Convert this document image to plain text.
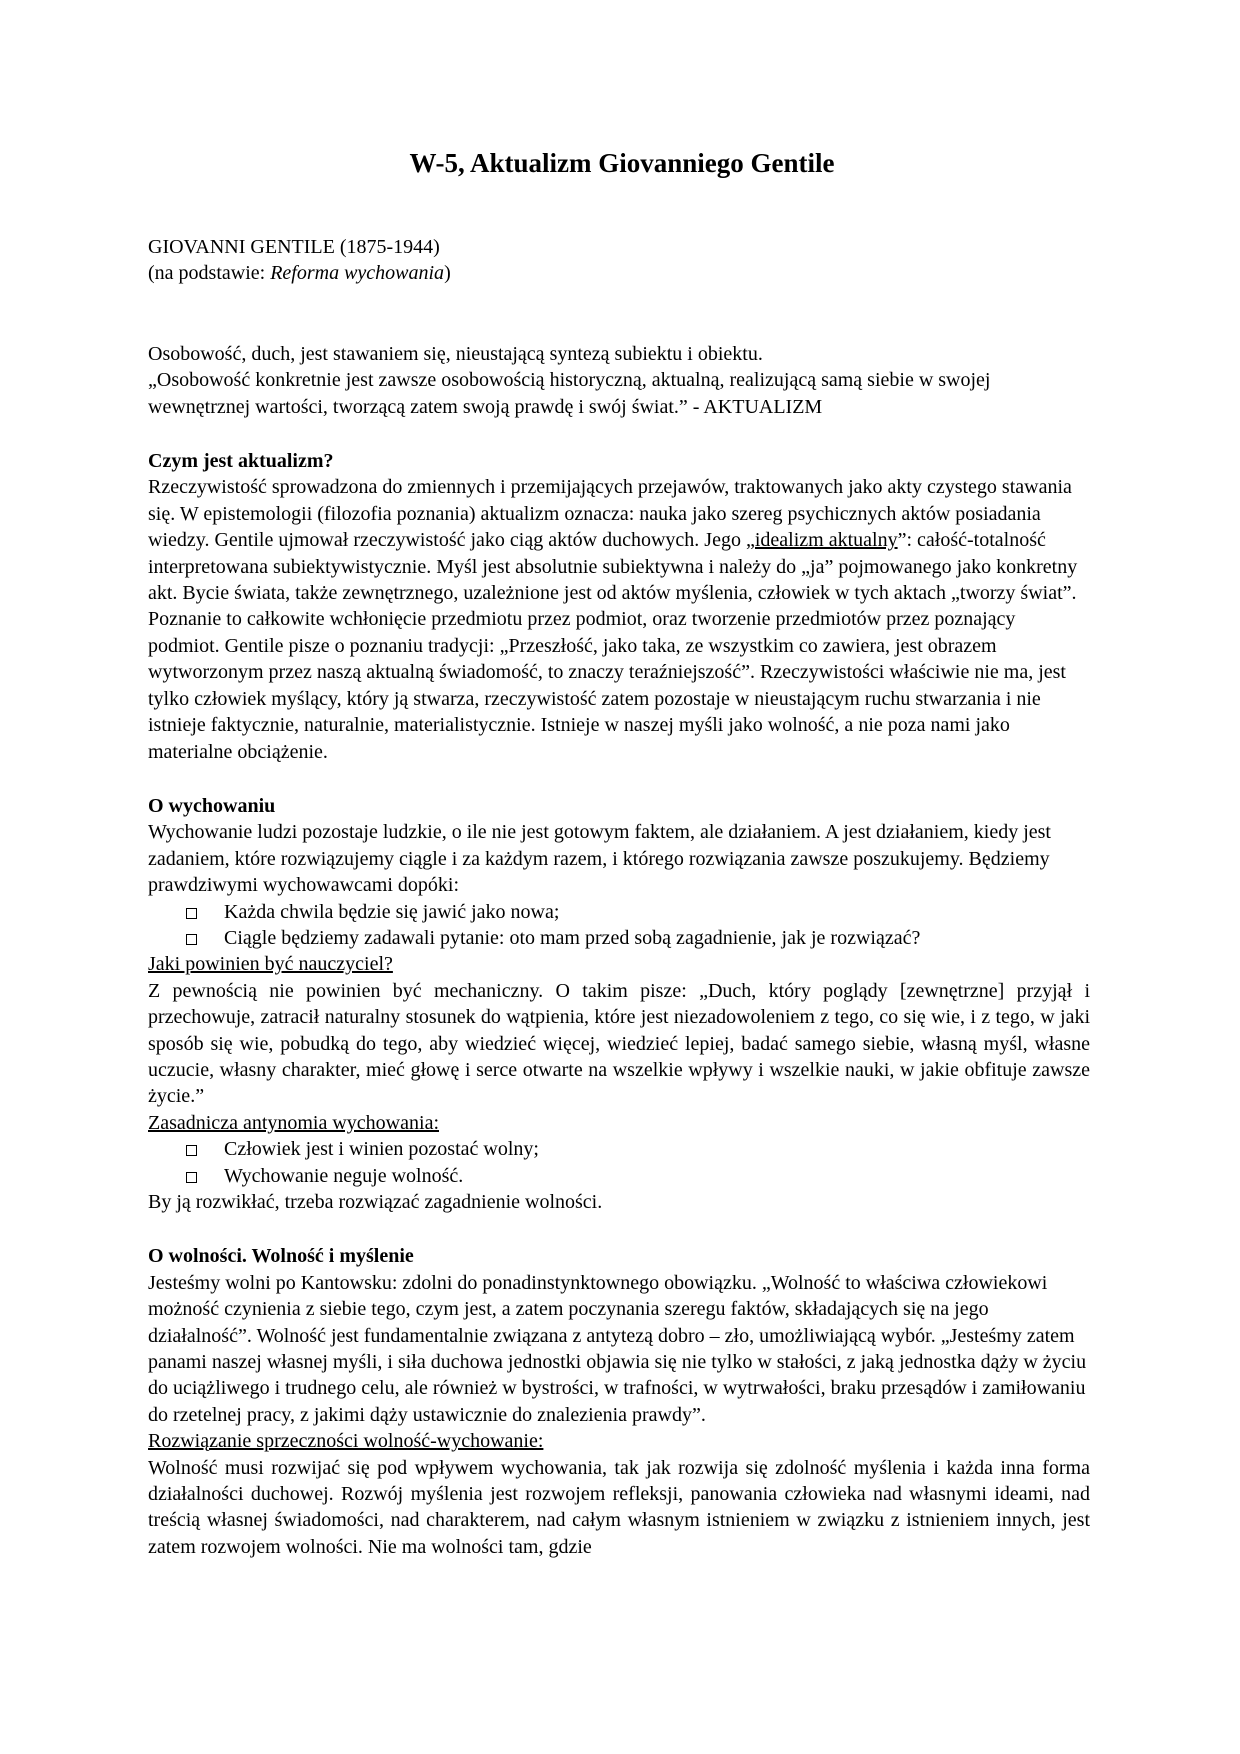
W-5, Aktualizm Giovanniego Gentile

GIOVANNI GENTILE (1875-1944)

(na podstawie: Reforma wychowania)

Osobowość, duch, jest stawaniem się, nieustającą syntezą subiektu i obiektu.

„Osobowość konkretnie jest zawsze osobowością historyczną, aktualną, realizującą samą siebie w swojej wewnętrznej wartości, tworzącą zatem swoją prawdę i swój świat.” - AKTUALIZM

Czym jest aktualizm?

Rzeczywistość sprowadzona do zmiennych i przemijających przejawów, traktowanych jako akty czystego stawania się. W epistemologii (filozofia poznania) aktualizm oznacza: nauka jako szereg psychicznych aktów posiadania wiedzy. Gentile ujmował rzeczywistość jako ciąg aktów duchowych. Jego „idealizm aktualny”: całość-totalność interpretowana subiektywistycznie. Myśl jest absolutnie subiektywna i należy do „ja” pojmowanego jako konkretny akt. Bycie świata, także zewnętrznego, uzależnione jest od aktów myślenia, człowiek w tych aktach „tworzy świat”. Poznanie to całkowite wchłonięcie przedmiotu przez podmiot, oraz tworzenie przedmiotów przez poznający podmiot. Gentile pisze o poznaniu tradycji: „Przeszłość, jako taka, ze wszystkim co zawiera, jest obrazem wytworzonym przez naszą aktualną świadomość, to znaczy teraźniejszość”. Rzeczywistości właściwie nie ma, jest tylko człowiek myślący, który ją stwarza, rzeczywistość zatem pozostaje w nieustającym ruchu stwarzania i nie istnieje faktycznie, naturalnie, materialistycznie. Istnieje w naszej myśli jako wolność, a nie poza nami jako materialne obciążenie.

O wychowaniu

Wychowanie ludzi pozostaje ludzkie, o ile nie jest gotowym faktem, ale działaniem. A jest działaniem, kiedy jest zadaniem, które rozwiązujemy ciągle i za każdym razem, i którego rozwiązania zawsze poszukujemy. Będziemy prawdziwymi wychowawcami dopóki:

Każda chwila będzie się jawić jako nowa;
Ciągle będziemy zadawali pytanie: oto mam przed sobą zagadnienie, jak je rozwiązać?

Jaki powinien być nauczyciel?

Z pewnością nie powinien być mechaniczny. O takim pisze: „Duch, który poglądy [zewnętrzne] przyjął i przechowuje, zatracił naturalny stosunek do wątpienia, które jest niezadowoleniem z tego, co się wie, i z tego, w jaki sposób się wie, pobudką do tego, aby wiedzieć więcej, wiedzieć lepiej, badać samego siebie, własną myśl, własne uczucie, własny charakter, mieć głowę i serce otwarte na wszelkie wpływy i wszelkie nauki, w jakie obfituje zawsze życie.”

Zasadnicza antynomia wychowania:

Człowiek jest i winien pozostać wolny;
Wychowanie neguje wolność.

By ją rozwikłać, trzeba rozwiązać zagadnienie wolności.

O wolności. Wolność i myślenie

Jesteśmy wolni po Kantowsku: zdolni do ponadinstynktownego obowiązku. „Wolność to właściwa człowiekowi możność czynienia z siebie tego, czym jest, a zatem poczynania szeregu faktów, składających się na jego działalność”. Wolność jest fundamentalnie związana z antytezą dobro – zło, umożliwiającą wybór. „Jesteśmy zatem panami naszej własnej myśli, i siła duchowa jednostki objawia się nie tylko w stałości, z jaką jednostka dąży w życiu do uciążliwego i trudnego celu, ale również w bystrości, w trafności, w wytrwałości, braku przesądów i zamiłowaniu do rzetelnej pracy, z jakimi dąży ustawicznie do znalezienia prawdy”.

Rozwiązanie sprzeczności wolność-wychowanie:

Wolność musi rozwijać się pod wpływem wychowania, tak jak rozwija się zdolność myślenia i każda inna forma działalności duchowej. Rozwój myślenia jest rozwojem refleksji, panowania człowieka nad własnymi ideami, nad treścią własnej świadomości, nad charakterem, nad całym własnym istnieniem w związku z istnieniem innych, jest zatem rozwojem wolności. Nie ma wolności tam, gdzie
